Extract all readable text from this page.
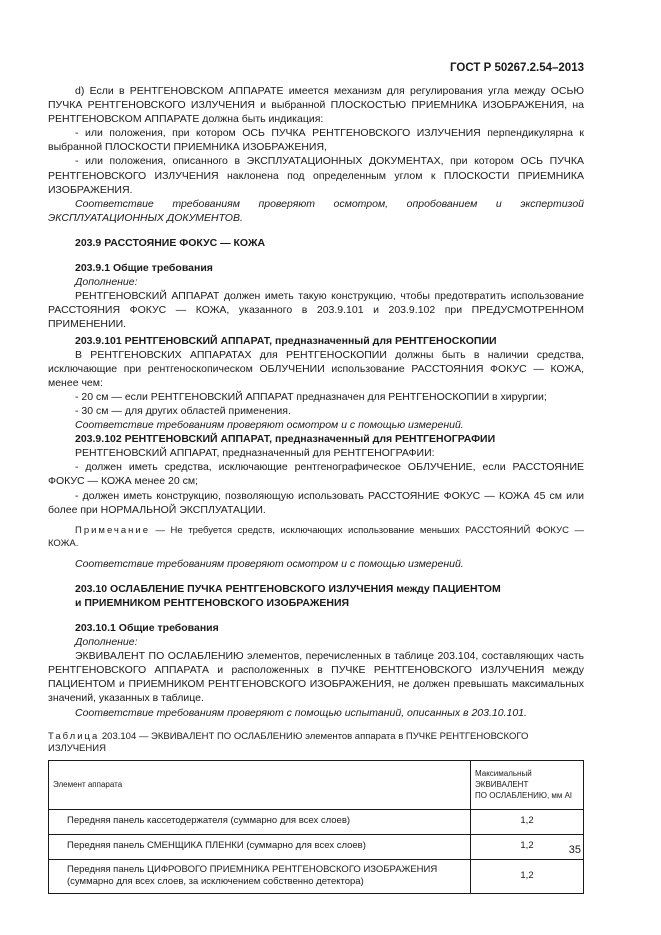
ГОСТ Р 50267.2.54–2013

d) Если в РЕНТГЕНОВСКОМ АППАРАТЕ имеется механизм для регулирования угла между ОСЬЮ ПУЧКА РЕНТГЕНОВСКОГО ИЗЛУЧЕНИЯ и выбранной ПЛОСКОСТЬЮ ПРИЕМНИКА ИЗОБРАЖЕНИЯ, на РЕНТГЕНОВСКОМ АППАРАТЕ должна быть индикация:

- или положения, при котором ОСЬ ПУЧКА РЕНТГЕНОВСКОГО ИЗЛУЧЕНИЯ перпендикулярна к выбранной ПЛОСКОСТИ ПРИЕМНИКА ИЗОБРАЖЕНИЯ,

- или положения, описанного в ЭКСПЛУАТАЦИОННЫХ ДОКУМЕНТАХ, при котором ОСЬ ПУЧКА РЕНТГЕНОВСКОГО ИЗЛУЧЕНИЯ наклонена под определенным углом к ПЛОСКОСТИ ПРИЕМНИКА ИЗОБРАЖЕНИЯ.

Соответствие требованиям проверяют осмотром, опробованием и экспертизой ЭКСПЛУАТАЦИОННЫХ ДОКУМЕНТОВ.

203.9 РАССТОЯНИЕ ФОКУС — КОЖА

203.9.1 Общие требования

Дополнение:

РЕНТГЕНОВСКИЙ АППАРАТ должен иметь такую конструкцию, чтобы предотвратить использование РАССТОЯНИЯ ФОКУС — КОЖА, указанного в 203.9.101 и 203.9.102 при ПРЕДУСМОТРЕННОМ ПРИМЕНЕНИИ.

203.9.101 РЕНТГЕНОВСКИЙ АППАРАТ, предназначенный для РЕНТГЕНОСКОПИИ

В РЕНТГЕНОВСКИХ АППАРАТАХ для РЕНТГЕНОСКОПИИ должны быть в наличии средства, исключающие при рентгеноскопическом ОБЛУЧЕНИИ использование РАССТОЯНИЯ ФОКУС — КОЖА, менее чем:

- 20 см — если РЕНТГЕНОВСКИЙ АППАРАТ предназначен для РЕНТГЕНОСКОПИИ в хирургии;

- 30 см — для других областей применения.

Соответствие требованиям проверяют осмотром и с помощью измерений.

203.9.102 РЕНТГЕНОВСКИЙ АППАРАТ, предназначенный для РЕНТГЕНОГРАФИИ

РЕНТГЕНОВСКИЙ АППАРАТ, предназначенный для РЕНТГЕНОГРАФИИ:

- должен иметь средства, исключающие рентгенографическое ОБЛУЧЕНИЕ, если РАССТОЯНИЕ ФОКУС — КОЖА менее 20 см;

- должен иметь конструкцию, позволяющую использовать РАССТОЯНИЕ ФОКУС — КОЖА 45 см или более при НОРМАЛЬНОЙ ЭКСПЛУАТАЦИИ.

Примечание — Не требуется средств, исключающих использование меньших РАССТОЯНИЙ ФОКУС — КОЖА.

Соответствие требованиям проверяют осмотром и с помощью измерений.

203.10 ОСЛАБЛЕНИЕ ПУЧКА РЕНТГЕНОВСКОГО ИЗЛУЧЕНИЯ между ПАЦИЕНТОМ
и ПРИЕМНИКОМ РЕНТГЕНОВСКОГО ИЗОБРАЖЕНИЯ

203.10.1 Общие требования

Дополнение:

ЭКВИВАЛЕНТ ПО ОСЛАБЛЕНИЮ элементов, перечисленных в таблице 203.104, составляющих часть РЕНТГЕНОВСКОГО АППАРАТА и расположенных в ПУЧКЕ РЕНТГЕНОВСКОГО ИЗЛУЧЕНИЯ между ПАЦИЕНТОМ и ПРИЕМНИКОМ РЕНТГЕНОВСКОГО ИЗОБРАЖЕНИЯ, не должен превышать максимальных значений, указанных в таблице.

Соответствие требованиям проверяют с помощью испытаний, описанных в 203.10.101.

Таблица 203.104 — ЭКВИВАЛЕНТ ПО ОСЛАБЛЕНИЮ элементов аппарата в ПУЧКЕ РЕНТГЕНОВСКОГО ИЗЛУЧЕНИЯ

Элемент аппарата	Максимальный
ЭКВИВАЛЕНТ
ПО ОСЛАБЛЕНИЮ, мм Al
Передняя панель кассетодержателя (суммарно для всех слоев)	1,2
Передняя панель СМЕНЩИКА ПЛЕНКИ (суммарно для всех слоев)	1,2
Передняя панель ЦИФРОВОГО ПРИЕМНИКА РЕНТГЕНОВСКОГО ИЗОБРАЖЕНИЯ (суммарно для всех слоев, за исключением собственно детектора)	1,2
35
